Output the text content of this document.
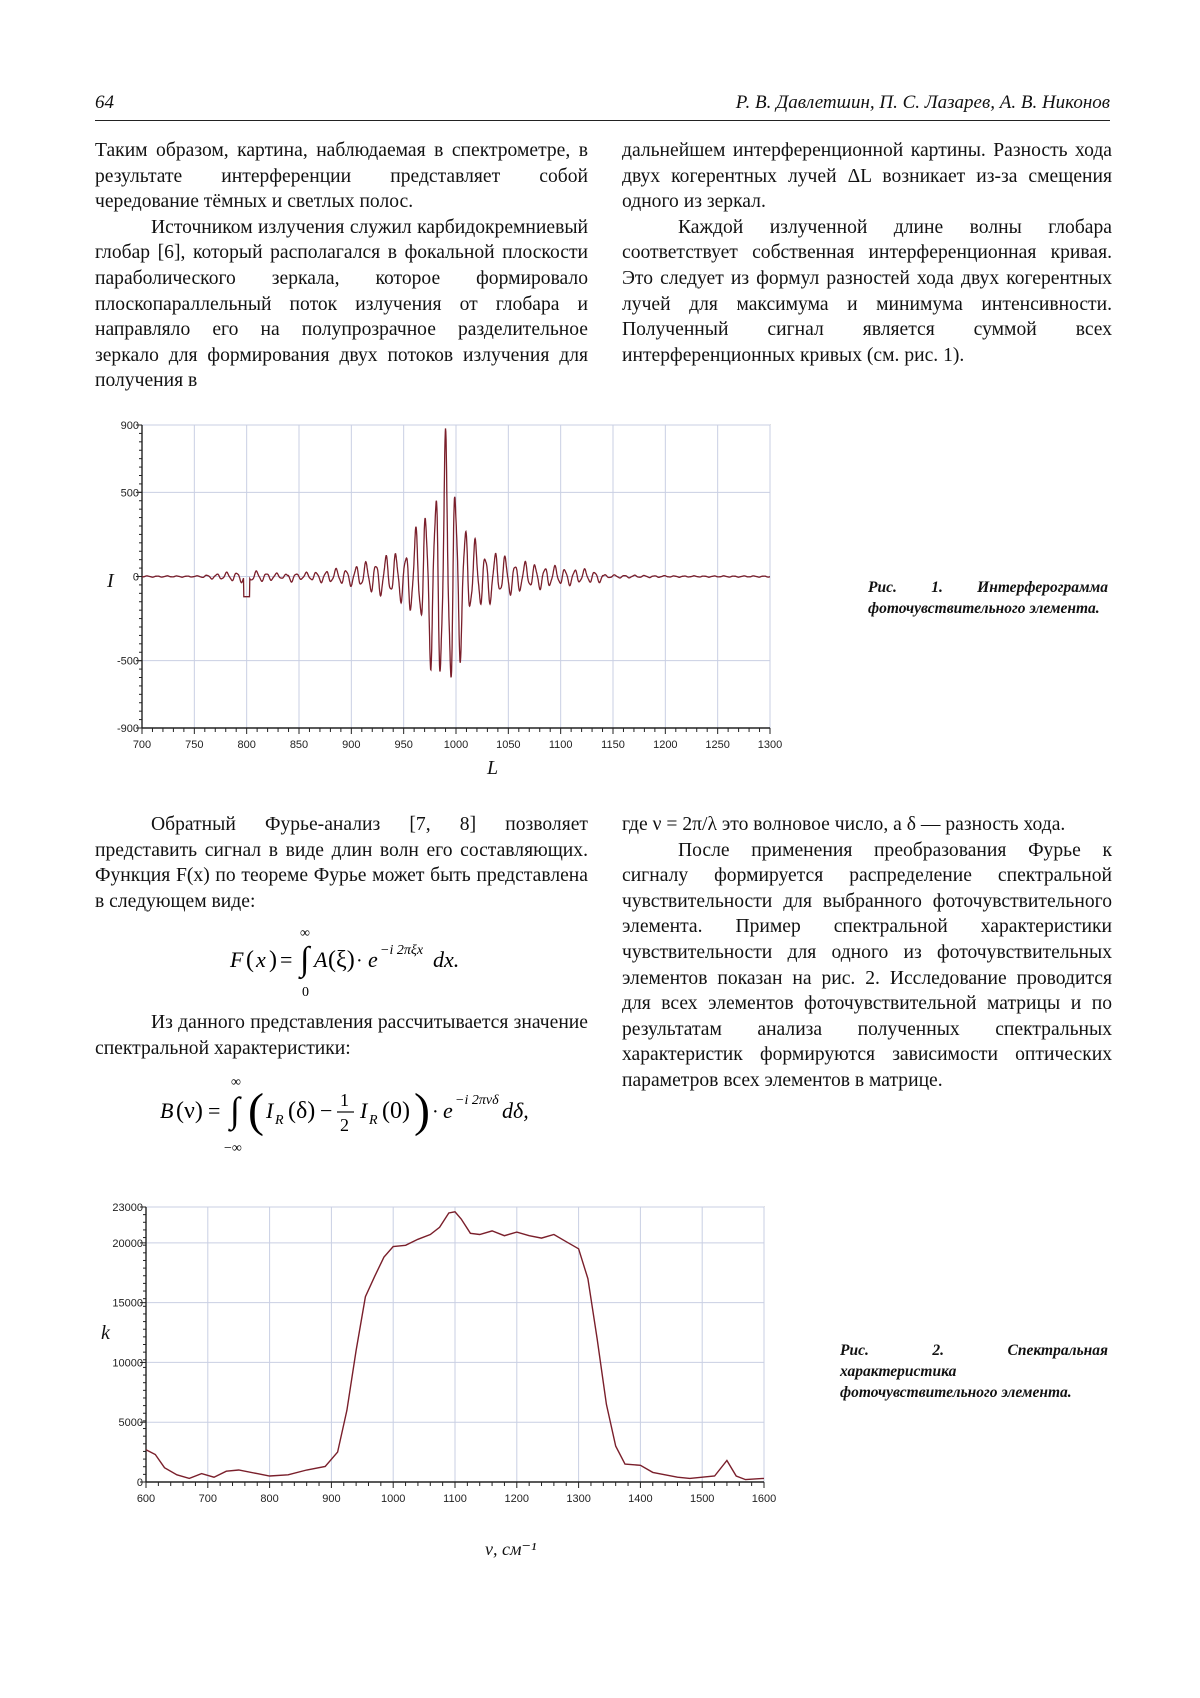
64	Р. В. Давлетшин, П. С. Лазарев, А. В. Никонов

Таким образом, картина, наблюдаемая в спектрометре, в результате интерференции представляет собой чередование тёмных и светлых полос.

Источником излучения служил карбидокремниевый глобар [6], который располагался в фокальной плоскости параболического зеркала, которое формировало плоскопараллельный поток излучения от глобара и направляло его на полупрозрачное разделительное зеркало для формирования двух потоков излучения для получения в

дальнейшем интерференционной картины. Разность хода двух когерентных лучей ΔL возникает из-за смещения одного из зеркал.

Каждой излученной длине волны глобара соответствует собственная интерференционная кривая. Это следует из формул разностей хода двух когерентных лучей для максимума и минимума интенсивности. Полученный сигнал является суммой всех интерференционных кривых (см. рис. 1).

700	750	800	850	900	950	1000	1050	1100	1150	1200	1250	1300
900
500
0
-500
-900
I
L
Рис. 1. Интерферограмма фоточувствительного элемента.

Обратный Фурье-анализ [7, 8] позволяет представить сигнал в виде длин волн его составляющих. Функция F(x) по теореме Фурье может быть представлена в следующем виде:

F ( x ) = ∫
∞
0
A (ξ) · e −i 2πξx dx.

Из данного представления рассчитывается значение спектральной характеристики:

B (ν) = ∫
∞
−∞
( I R (δ) − 1
2
I R (0) ) · e −i 2πνδ dδ,

где ν = 2π/λ это волновое число, а δ — разность хода.

После применения преобразования Фурье к сигналу формируется распределение спектральной чувствительности для выбранного фоточувствительного элемента. Пример спектральной характеристики чувствительности для одного из фоточувствительных элементов показан на рис. 2. Исследование проводится для всех элементов фоточувствительной матрицы и по результатам анализа полученных спектральных характеристик формируются зависимости оптических параметров всех элементов в матрице.

600	700	800	900	1000	1100	1200	1300	1400	1500	1600
0
5000
10000
15000
20000
23000
k
ν, см⁻¹
Рис. 2. Спектральная характеристика фоточувствительного элемента.
